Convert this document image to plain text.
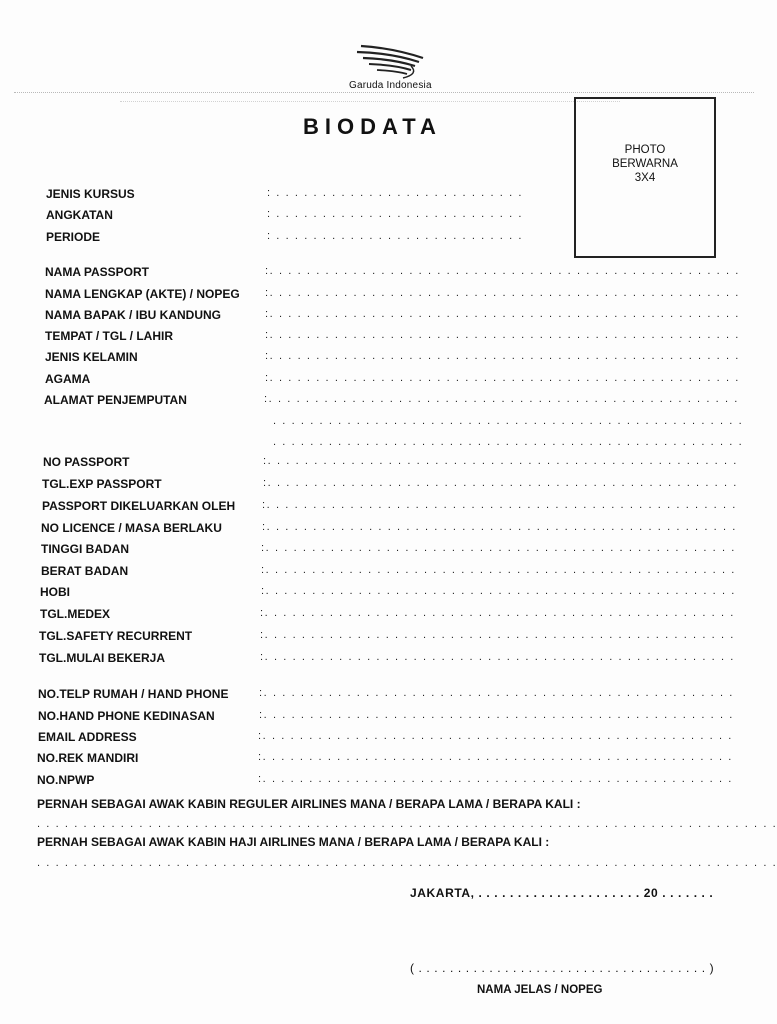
Garuda Indonesia
BIODATA
PHOTO
BERWARNA
3X4
JENIS KURSUS	: . . . . . . . . . . . . . . . . . . . . . . . . . . .
ANGKATAN	: . . . . . . . . . . . . . . . . . . . . . . . . . . .
PERIODE	: . . . . . . . . . . . . . . . . . . . . . . . . . . .
NAMA PASSPORT	:. . . . . . . . . . . . . . . . . . . . . . . . . . . . . . . . . . . . . . . . . . . . . . . . . . .
NAMA LENGKAP (AKTE) / NOPEG :. . . . . . . . . . . . . . . . . . . . . . . . . . . . . . . . . . . . . . . . . . . . . . . . . . .
NAMA BAPAK / IBU KANDUNG	:. . . . . . . . . . . . . . . . . . . . . . . . . . . . . . . . . . . . . . . . . . . . . . . . . . .
TEMPAT / TGL / LAHIR	:. . . . . . . . . . . . . . . . . . . . . . . . . . . . . . . . . . . . . . . . . . . . . . . . . . .
JENIS KELAMIN	:. . . . . . . . . . . . . . . . . . . . . . . . . . . . . . . . . . . . . . . . . . . . . . . . . . .
AGAMA	:. . . . . . . . . . . . . . . . . . . . . . . . . . . . . . . . . . . . . . . . . . . . . . . . . . .
ALAMAT PENJEMPUTAN	:. . . . . . . . . . . . . . . . . . . . . . . . . . . . . . . . . . . . . . . . . . . . . . . . . . .
. . . . . . . . . . . . . . . . . . . . . . . . . . . . . . . . . . . . . . . . . . . . . . . . . . .
. . . . . . . . . . . . . . . . . . . . . . . . . . . . . . . . . . . . . . . . . . . . . . . . . . .
NO PASSPORT	:. . . . . . . . . . . . . . . . . . . . . . . . . . . . . . . . . . . . . . . . . . . . . . . . . . .
TGL.EXP PASSPORT	:. . . . . . . . . . . . . . . . . . . . . . . . . . . . . . . . . . . . . . . . . . . . . . . . . . .
PASSPORT DIKELUARKAN OLEH :. . . . . . . . . . . . . . . . . . . . . . . . . . . . . . . . . . . . . . . . . . . . . . . . . . .
NO LICENCE / MASA BERLAKU	:. . . . . . . . . . . . . . . . . . . . . . . . . . . . . . . . . . . . . . . . . . . . . . . . . . .
TINGGI BADAN	:. . . . . . . . . . . . . . . . . . . . . . . . . . . . . . . . . . . . . . . . . . . . . . . . . . .
BERAT BADAN	:. . . . . . . . . . . . . . . . . . . . . . . . . . . . . . . . . . . . . . . . . . . . . . . . . . .
HOBI	:. . . . . . . . . . . . . . . . . . . . . . . . . . . . . . . . . . . . . . . . . . . . . . . . . . .
TGL.MEDEX	:. . . . . . . . . . . . . . . . . . . . . . . . . . . . . . . . . . . . . . . . . . . . . . . . . . .
TGL.SAFETY RECURRENT	:. . . . . . . . . . . . . . . . . . . . . . . . . . . . . . . . . . . . . . . . . . . . . . . . . . .
TGL.MULAI BEKERJA	:. . . . . . . . . . . . . . . . . . . . . . . . . . . . . . . . . . . . . . . . . . . . . . . . . . .
NO.TELP RUMAH / HAND PHONE	:. . . . . . . . . . . . . . . . . . . . . . . . . . . . . . . . . . . . . . . . . . . . . . . . . . .
NO.HAND PHONE KEDINASAN	:. . . . . . . . . . . . . . . . . . . . . . . . . . . . . . . . . . . . . . . . . . . . . . . . . . .
EMAIL ADDRESS	:. . . . . . . . . . . . . . . . . . . . . . . . . . . . . . . . . . . . . . . . . . . . . . . . . . .
NO.REK MANDIRI	:. . . . . . . . . . . . . . . . . . . . . . . . . . . . . . . . . . . . . . . . . . . . . . . . . . .
NO.NPWP	:. . . . . . . . . . . . . . . . . . . . . . . . . . . . . . . . . . . . . . . . . . . . . . . . . . .
PERNAH SEBAGAI AWAK KABIN REGULER AIRLINES MANA / BERAPA LAMA / BERAPA KALI :
. . . . . . . . . . . . . . . . . . . . . . . . . . . . . . . . . . . . . . . . . . . . . . . . . . . . . . . . . . . . . . . . . . . . . . . . . . . . . . . .
PERNAH SEBAGAI AWAK KABIN HAJI AIRLINES MANA / BERAPA LAMA / BERAPA KALI :
. . . . . . . . . . . . . . . . . . . . . . . . . . . . . . . . . . . . . . . . . . . . . . . . . . . . . . . . . . . . . . . . . . . . . . . . . . . . . . . .
JAKARTA, . . . . . . . . . . . . . . . . . . . . . 20 . . . . . . .
( . . . . . . . . . . . . . . . . . . . . . . . . . . . . . . . . . . . . . )
NAMA JELAS / NOPEG
